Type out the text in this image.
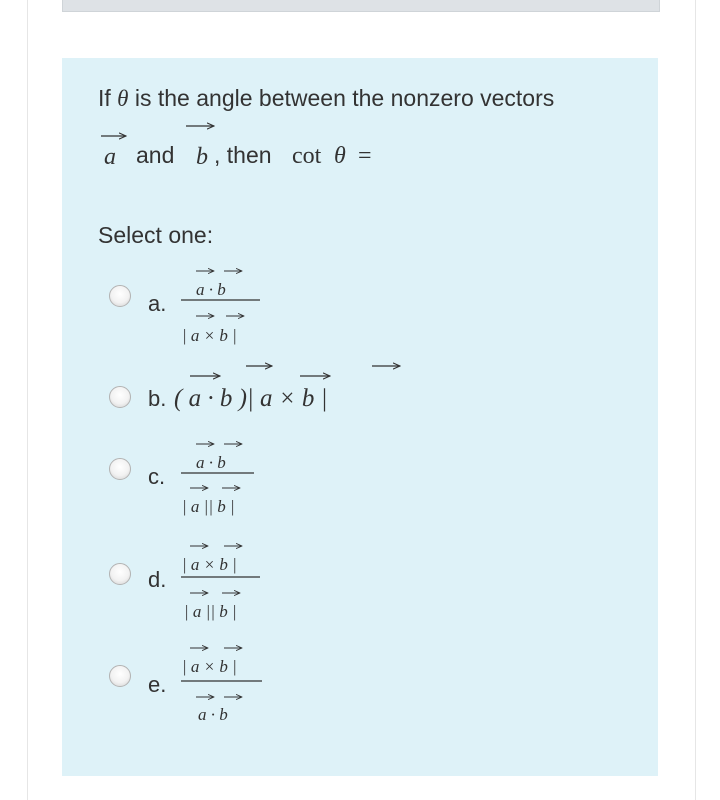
If θ is the angle between the nonzero vectors
a and b , then cot θ =
Select one:
a.
c.
d.
e.
a · b
| a × b |
b. ( a · b )| a × b |
a · b
| a || b |
| a × b |
| a || b |
| a × b |
a · b
